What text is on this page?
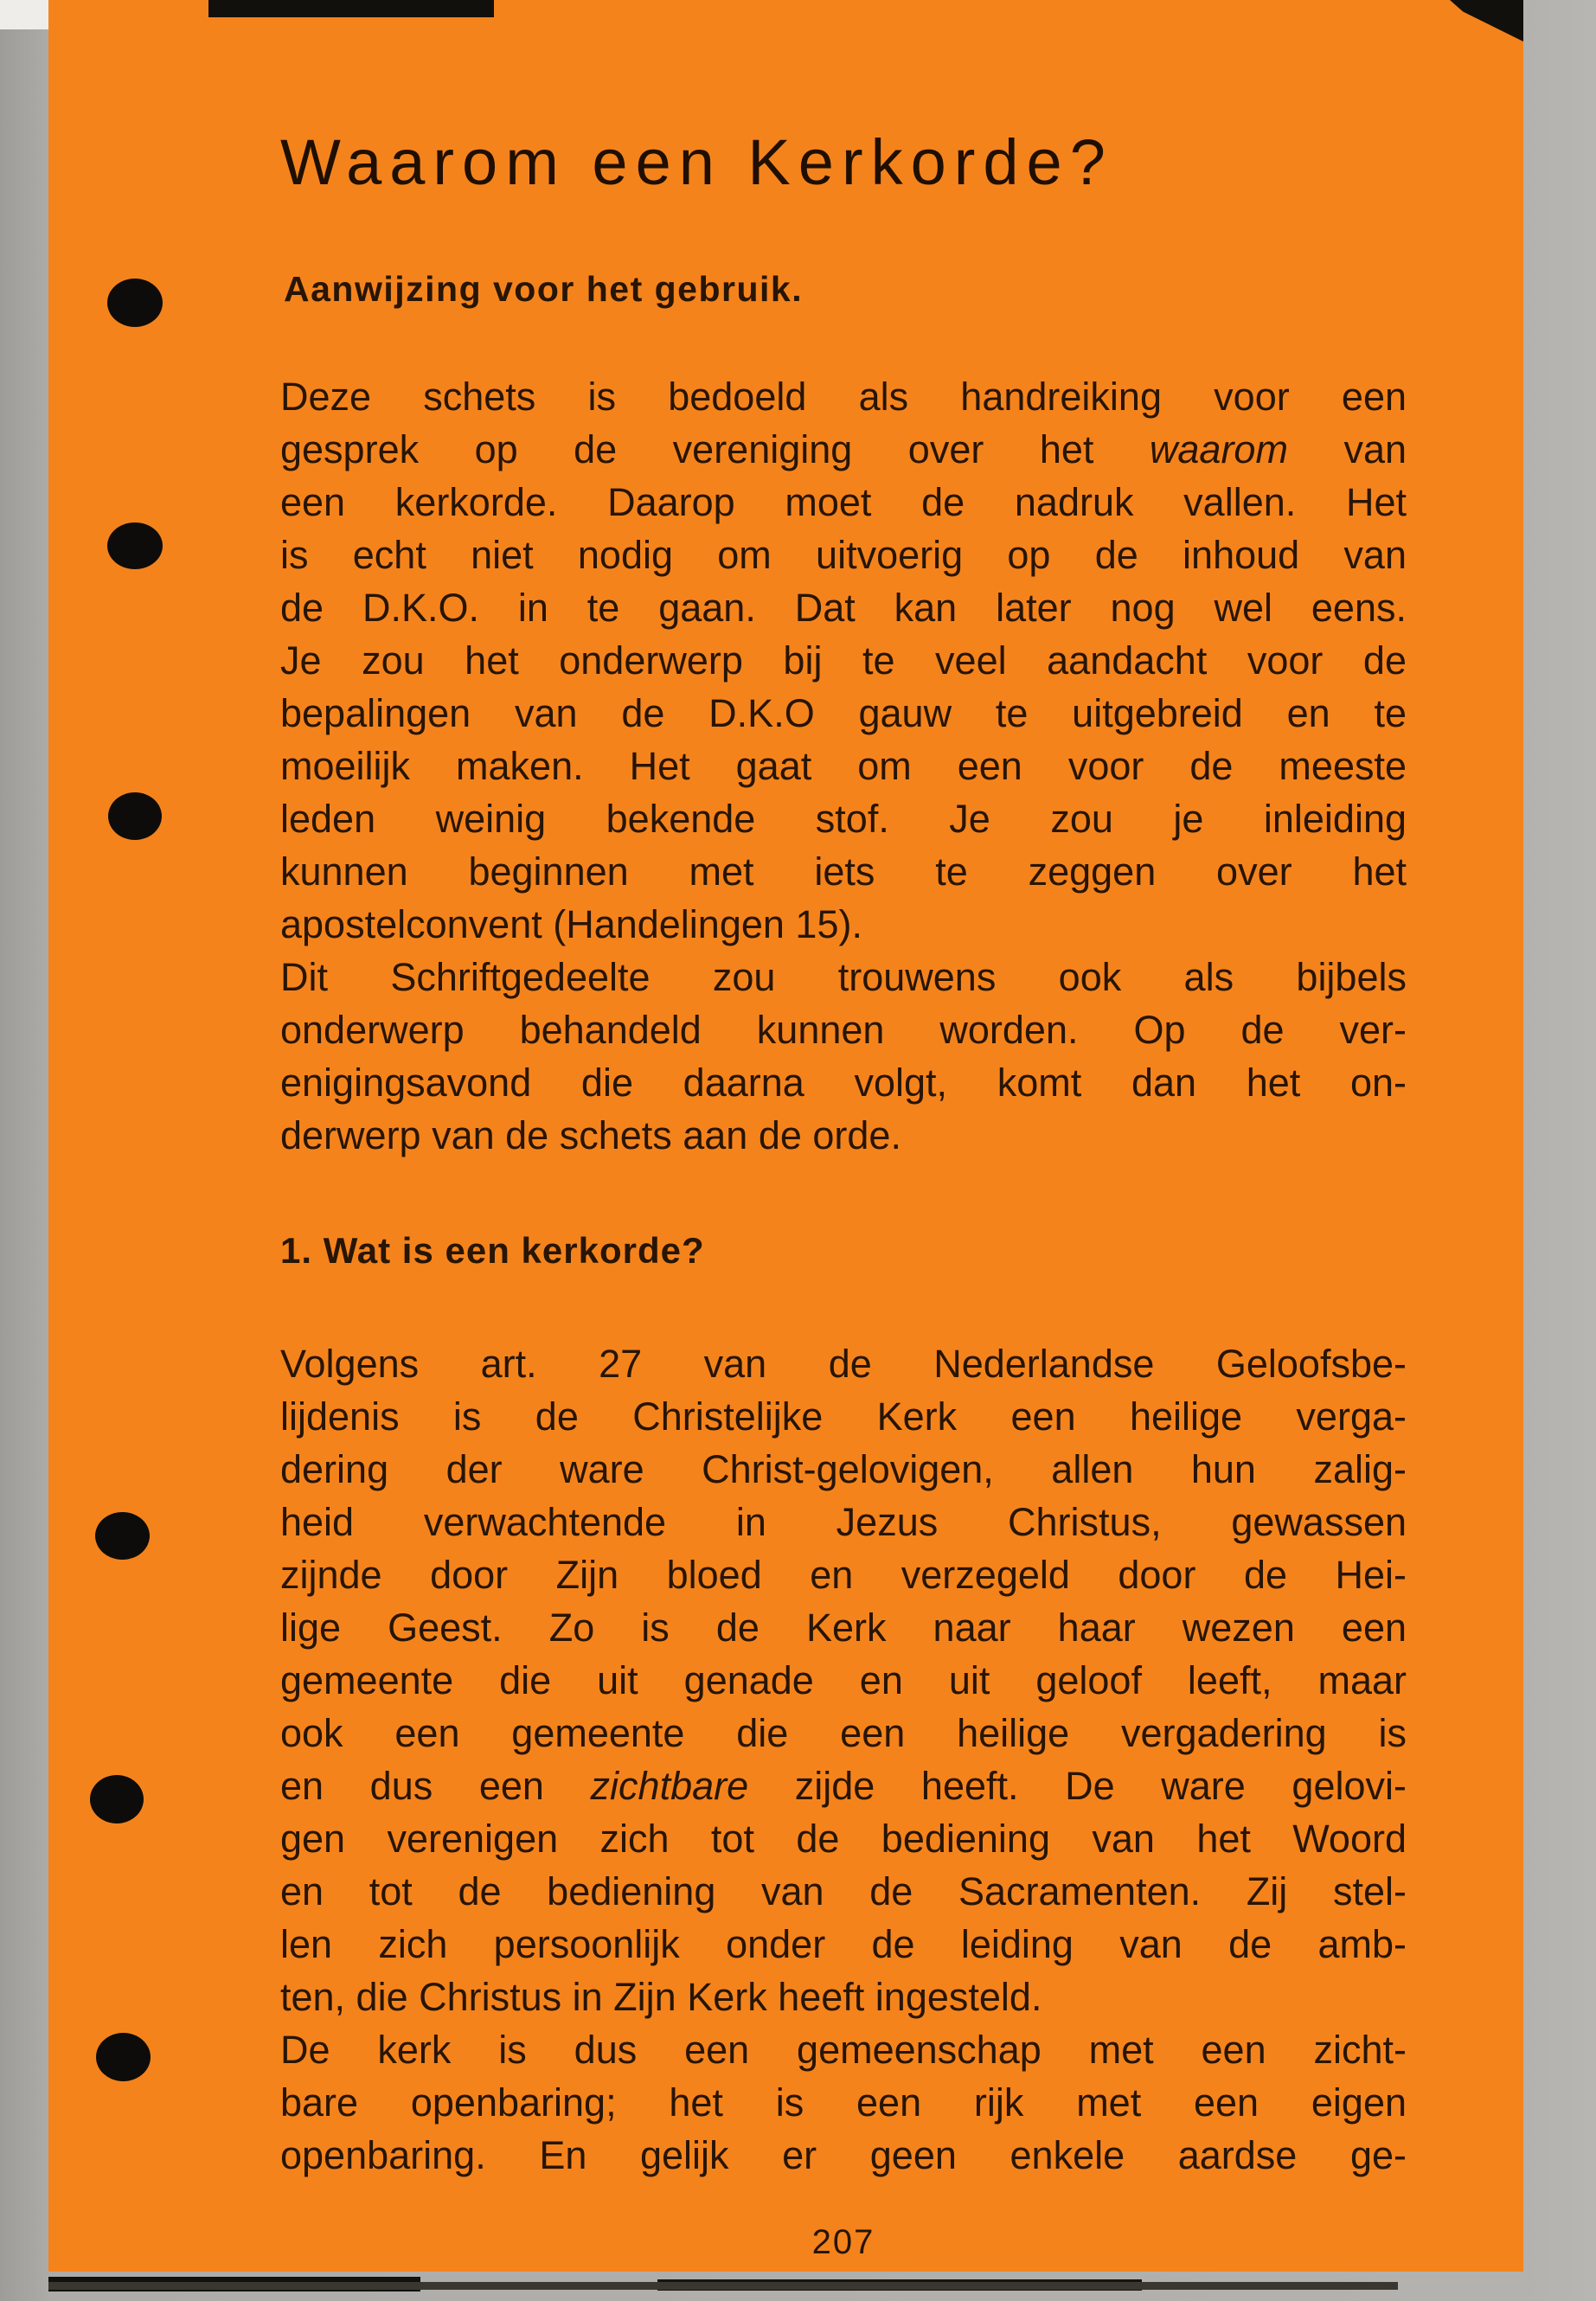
Waarom een Kerkorde?
Aanwijzing voor het gebruik.
Deze schets is bedoeld als handreiking voor een
gesprek op de vereniging over het waarom van
een kerkorde. Daarop moet de nadruk vallen. Het
is echt niet nodig om uitvoerig op de inhoud van
de D.K.O. in te gaan. Dat kan later nog wel eens.
Je zou het onderwerp bij te veel aandacht voor de
bepalingen van de D.K.O gauw te uitgebreid en te
moeilijk maken. Het gaat om een voor de meeste
leden weinig bekende stof. Je zou je inleiding
kunnen beginnen met iets te zeggen over het
apostelconvent (Handelingen 15).
Dit Schriftgedeelte zou trouwens ook als bijbels
onderwerp behandeld kunnen worden. Op de ver-
enigingsavond die daarna volgt, komt dan het on-
derwerp van de schets aan de orde.
1. Wat is een kerkorde?
Volgens art. 27 van de Nederlandse Geloofsbe-
lijdenis is de Christelijke Kerk een heilige verga-
dering der ware Christ-gelovigen, allen hun zalig-
heid verwachtende in Jezus Christus, gewassen
zijnde door Zijn bloed en verzegeld door de Hei-
lige Geest. Zo is de Kerk naar haar wezen een
gemeente die uit genade en uit geloof leeft, maar
ook een gemeente die een heilige vergadering is
en dus een zichtbare zijde heeft. De ware gelovi-
gen verenigen zich tot de bediening van het Woord
en tot de bediening van de Sacramenten. Zij stel-
len zich persoonlijk onder de leiding van de amb-
ten, die Christus in Zijn Kerk heeft ingesteld.
De kerk is dus een gemeenschap met een zicht-
bare openbaring; het is een rijk met een eigen
openbaring. En gelijk er geen enkele aardse ge-
207
